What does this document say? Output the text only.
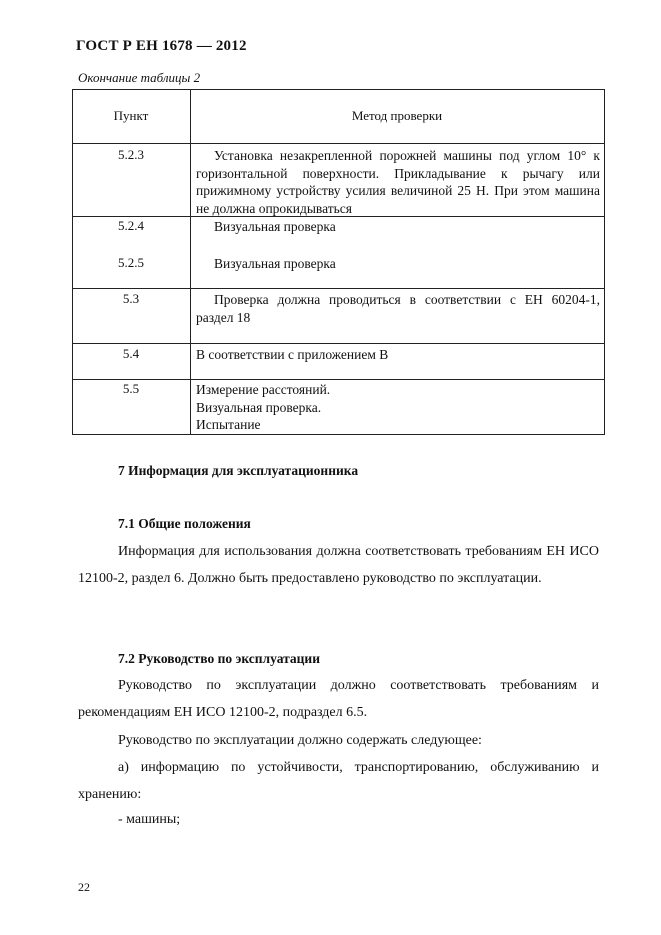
ГОСТ Р ЕН 1678 — 2012
Окончание таблицы 2
Пункт	Метод проверки
5.2.3	Установка незакрепленной порожней машины под углом 10° к горизонтальной поверхности. Прикладывание к рычагу или прижимному устройству усилия величиной 25 Н. При этом машина не должна опрокидываться
5.2.4	Визуальная проверка
5.2.5	Визуальная проверка
5.3	Проверка должна проводиться в соответствии с ЕН 60204-1, раздел 18
5.4	В соответствии с приложением В
5.5	Измерение расстояний.
Визуальная проверка.
Испытание
7 Информация для эксплуатационника
7.1 Общие положения

Информация для использования должна соответствовать требованиям ЕН ИСО 12100-2, раздел 6. Должно быть предоставлено руководство по эксплуатации.

7.2 Руководство по эксплуатации

Руководство по эксплуатации должно соответствовать требованиям и рекомендациям ЕН ИСО 12100-2, подраздел 6.5.

Руководство по эксплуатации должно содержать следующее:

а) информацию по устойчивости, транспортированию, обслуживанию и хранению:

- машины;
22
